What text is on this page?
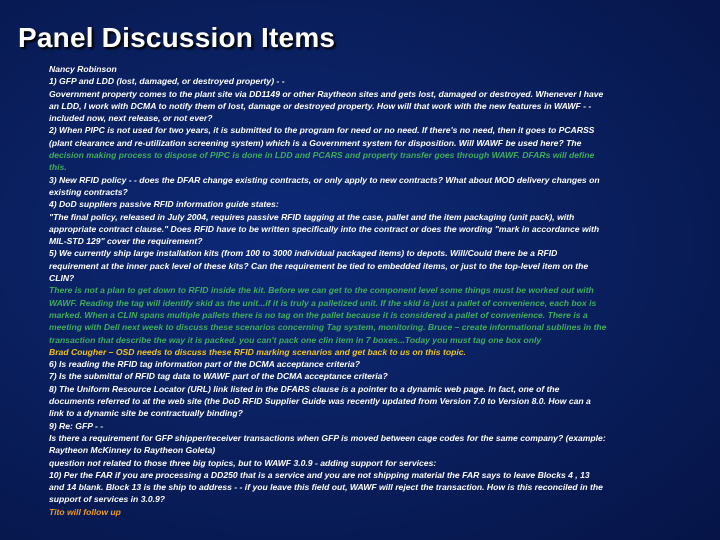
Panel Discussion Items
Nancy Robinson
1) GFP and LDD (lost, damaged, or destroyed property) - -
Government property comes to the plant site via DD1149 or other Raytheon sites and gets lost, damaged or destroyed. Whenever I have
an LDD, I work with DCMA to notify them of lost, damage or destroyed property. How will that work with the new features in WAWF - -
included now, next release, or not ever?
2) When PIPC is not used for two years, it is submitted to the program for need or no need. If there's no need, then it goes to PCARSS
(plant clearance and re-utilization screening system) which is a Government system for disposition. Will WAWF be used here? The
decision making process to dispose of PIPC is done in LDD and PCARS and property transfer goes through WAWF. DFARs will define
this.
3) New RFID policy - - does the DFAR change existing contracts, or only apply to new contracts? What about MOD delivery changes on
existing contracts?
4) DoD suppliers passive RFID information guide states:
"The final policy, released in July 2004, requires passive RFID tagging at the case, pallet and the item packaging (unit pack), with
appropriate contract clause." Does RFID have to be written specifically into the contract or does the wording "mark in accordance with
MIL-STD 129" cover the requirement?
5) We currently ship large installation kits (from 100 to 3000 individual packaged items) to depots. Will/Could there be a RFID
requirement at the inner pack level of these kits? Can the requirement be tied to embedded items, or just to the top-level item on the
CLIN?
There is not a plan to get down to RFID inside the kit. Before we can get to the component level some things must be worked out with
WAWF. Reading the tag will identify skid as the unit...if it is truly a palletized unit. If the skid is just a pallet of convenience, each box is
marked. When a CLIN spans multiple pallets there is no tag on the pallet because it is considered a pallet of convenience. There is a
meeting with Dell next week to discuss these scenarios concerning Tag system, monitoring. Bruce – create informational sublines in the
transaction that describe the way it is packed. you can't pack one clin item in 7 boxes...Today you must tag one box only
Brad Cougher – OSD needs to discuss these RFID marking scenarios and get back to us on this topic.
6) Is reading the RFID tag information part of the DCMA acceptance criteria?
7) Is the submittal of RFID tag data to WAWF part of the DCMA acceptance criteria?
8) The Uniform Resource Locator (URL) link listed in the DFARS clause is a pointer to a dynamic web page. In fact, one of the
documents referred to at the web site (the DoD RFID Supplier Guide was recently updated from Version 7.0 to Version 8.0. How can a
link to a dynamic site be contractually binding?
9) Re: GFP - -
Is there a requirement for GFP shipper/receiver transactions when GFP is moved between cage codes for the same company? (example:
Raytheon McKinney to Raytheon Goleta)
question not related to those three big topics, but to WAWF 3.0.9 - adding support for services:
10) Per the FAR if you are processing a DD250 that is a service and you are not shipping material the FAR says to leave Blocks 4 , 13
and 14 blank. Block 13 is the ship to address - - if you leave this field out, WAWF will reject the transaction. How is this reconciled in the
support of services in 3.0.9?
Tito will follow up
